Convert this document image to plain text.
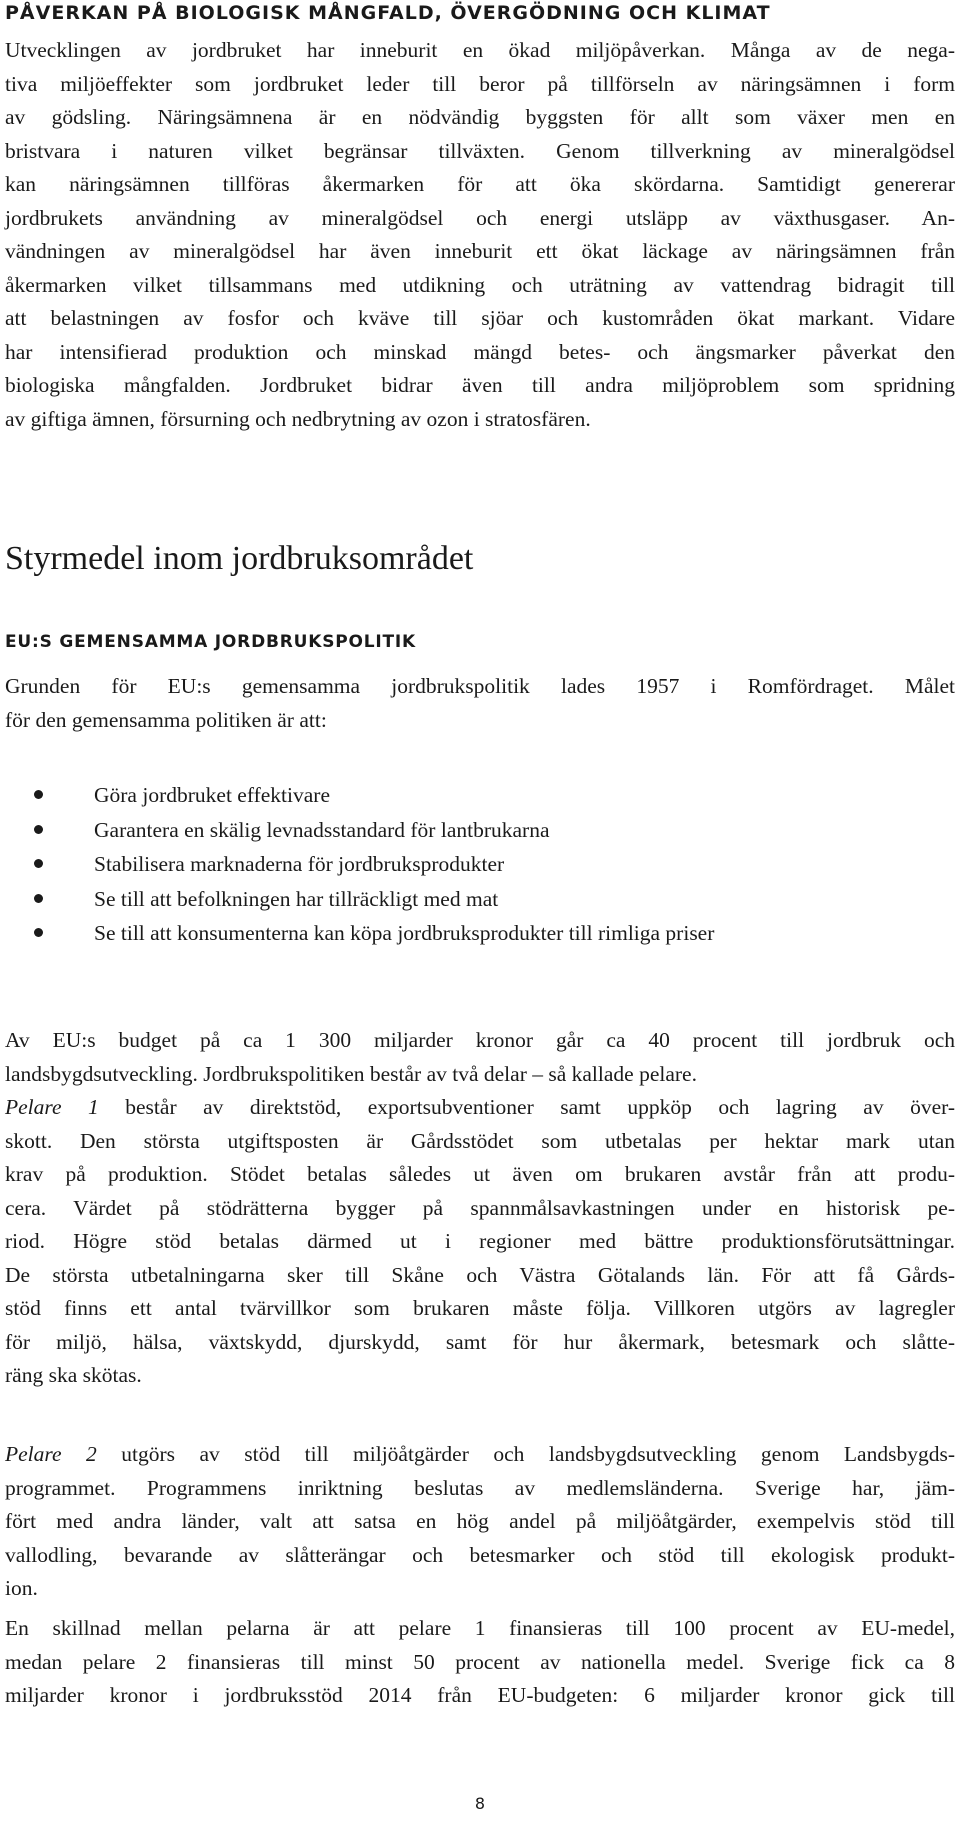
PÅVERKAN PÅ BIOLOGISK MÅNGFALD, ÖVERGÖDNING OCH KLIMAT
Utvecklingen av jordbruket har inneburit en ökad miljöpåverkan. Många av de nega-
tiva miljöeffekter som jordbruket leder till beror på tillförseln av näringsämnen i form
av gödsling. Näringsämnena är en nödvändig byggsten för allt som växer men en
bristvara i naturen vilket begränsar tillväxten. Genom tillverkning av mineralgödsel
kan näringsämnen tillföras åkermarken för att öka skördarna. Samtidigt genererar
jordbrukets användning av mineralgödsel och energi utsläpp av växthusgaser. An-
vändningen av mineralgödsel har även inneburit ett ökat läckage av näringsämnen från
åkermarken vilket tillsammans med utdikning och uträtning av vattendrag bidragit till
att belastningen av fosfor och kväve till sjöar och kustområden ökat markant. Vidare
har intensifierad produktion och minskad mängd betes- och ängsmarker påverkat den
biologiska mångfalden. Jordbruket bidrar även till andra miljöproblem som spridning
av giftiga ämnen, försurning och nedbrytning av ozon i stratosfären.
Styrmedel inom jordbruksområdet
EU:S GEMENSAMMA JORDBRUKSPOLITIK
Grunden för EU:s gemensamma jordbrukspolitik lades 1957 i Romfördraget. Målet
för den gemensamma politiken är att:
Göra jordbruket effektivare
Garantera en skälig levnadsstandard för lantbrukarna
Stabilisera marknaderna för jordbruksprodukter
Se till att befolkningen har tillräckligt med mat
Se till att konsumenterna kan köpa jordbruksprodukter till rimliga priser
Av EU:s budget på ca 1 300 miljarder kronor går ca 40 procent till jordbruk och
landsbygdsutveckling. Jordbrukspolitiken består av två delar – så kallade pelare.
Pelare 1 består av direktstöd, exportsubventioner samt uppköp och lagring av över-
skott. Den största utgiftsposten är Gårdsstödet som utbetalas per hektar mark utan
krav på produktion. Stödet betalas således ut även om brukaren avstår från att produ-
cera. Värdet på stödrätterna bygger på spannmålsavkastningen under en historisk pe-
riod. Högre stöd betalas därmed ut i regioner med bättre produktionsförutsättningar.
De största utbetalningarna sker till Skåne och Västra Götalands län. För att få Gårds-
stöd finns ett antal tvärvillkor som brukaren måste följa. Villkoren utgörs av lagregler
för miljö, hälsa, växtskydd, djurskydd, samt för hur åkermark, betesmark och slåtte-
räng ska skötas.
Pelare 2 utgörs av stöd till miljöåtgärder och landsbygdsutveckling genom Landsbygds-
programmet. Programmens inriktning beslutas av medlemsländerna. Sverige har, jäm-
fört med andra länder, valt att satsa en hög andel på miljöåtgärder, exempelvis stöd till
vallodling, bevarande av slåtterängar och betesmarker och stöd till ekologisk produkt-
ion.
En skillnad mellan pelarna är att pelare 1 finansieras till 100 procent av EU-medel,
medan pelare 2 finansieras till minst 50 procent av nationella medel. Sverige fick ca 8
miljarder kronor i jordbruksstöd 2014 från EU-budgeten: 6 miljarder kronor gick till
8
